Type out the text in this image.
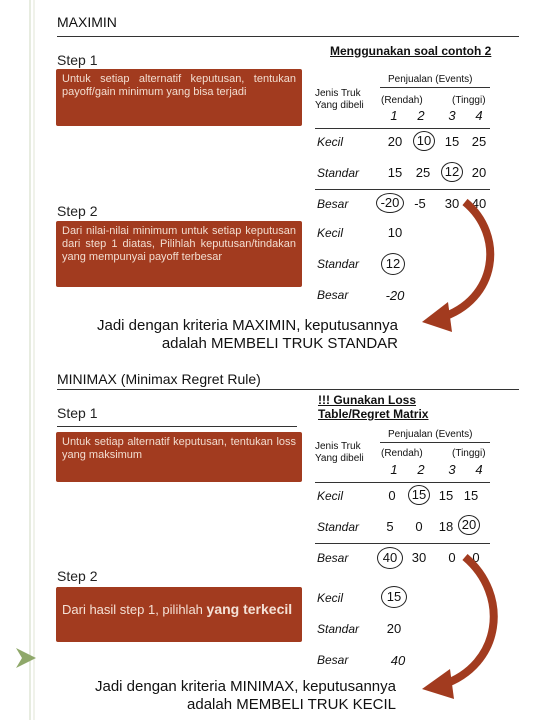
MAXIMIN
Step 1
Menggunakan soal contoh 2
Untuk setiap alternatif keputusan, tentukan payoff/gain minimum yang bisa terjadi
Penjualan (Events)
Jenis Truk
Yang dibeli (Rendah)	(Tinggi)
1	2	3	4
Kecil	20 10 15 25
Standar 15 25 12 20
Besar	-20	-5	30 40
Step 2
Dari nilai-nilai minimum untuk setiap keputusan dari step 1 diatas, Pilihlah keputusan/tindakan yang mempunyai payoff terbesar
Kecil	10
Standar	12
Besar	-20
Jadi dengan kriteria MAXIMIN, keputusannya
adalah MEMBELI TRUK STANDAR
MINIMAX (Minimax Regret Rule)
Step 1
!!! Gunakan Loss
Table/Regret Matrix
Untuk setiap alternatif keputusan, tentukan loss yang maksimum
Penjualan (Events)
Jenis Truk
Yang dibeli (Rendah)	(Tinggi)
1	2	3	4
Kecil	0	15 15 15
Standar	5	0	18 20
Besar	40	30	0	0
Step 2
Dari hasil step 1, pilihlah yang terkecil
Kecil	15
Standar 20
Besar	40
Jadi dengan kriteria MINIMAX, keputusannya
adalah MEMBELI TRUK KECIL
